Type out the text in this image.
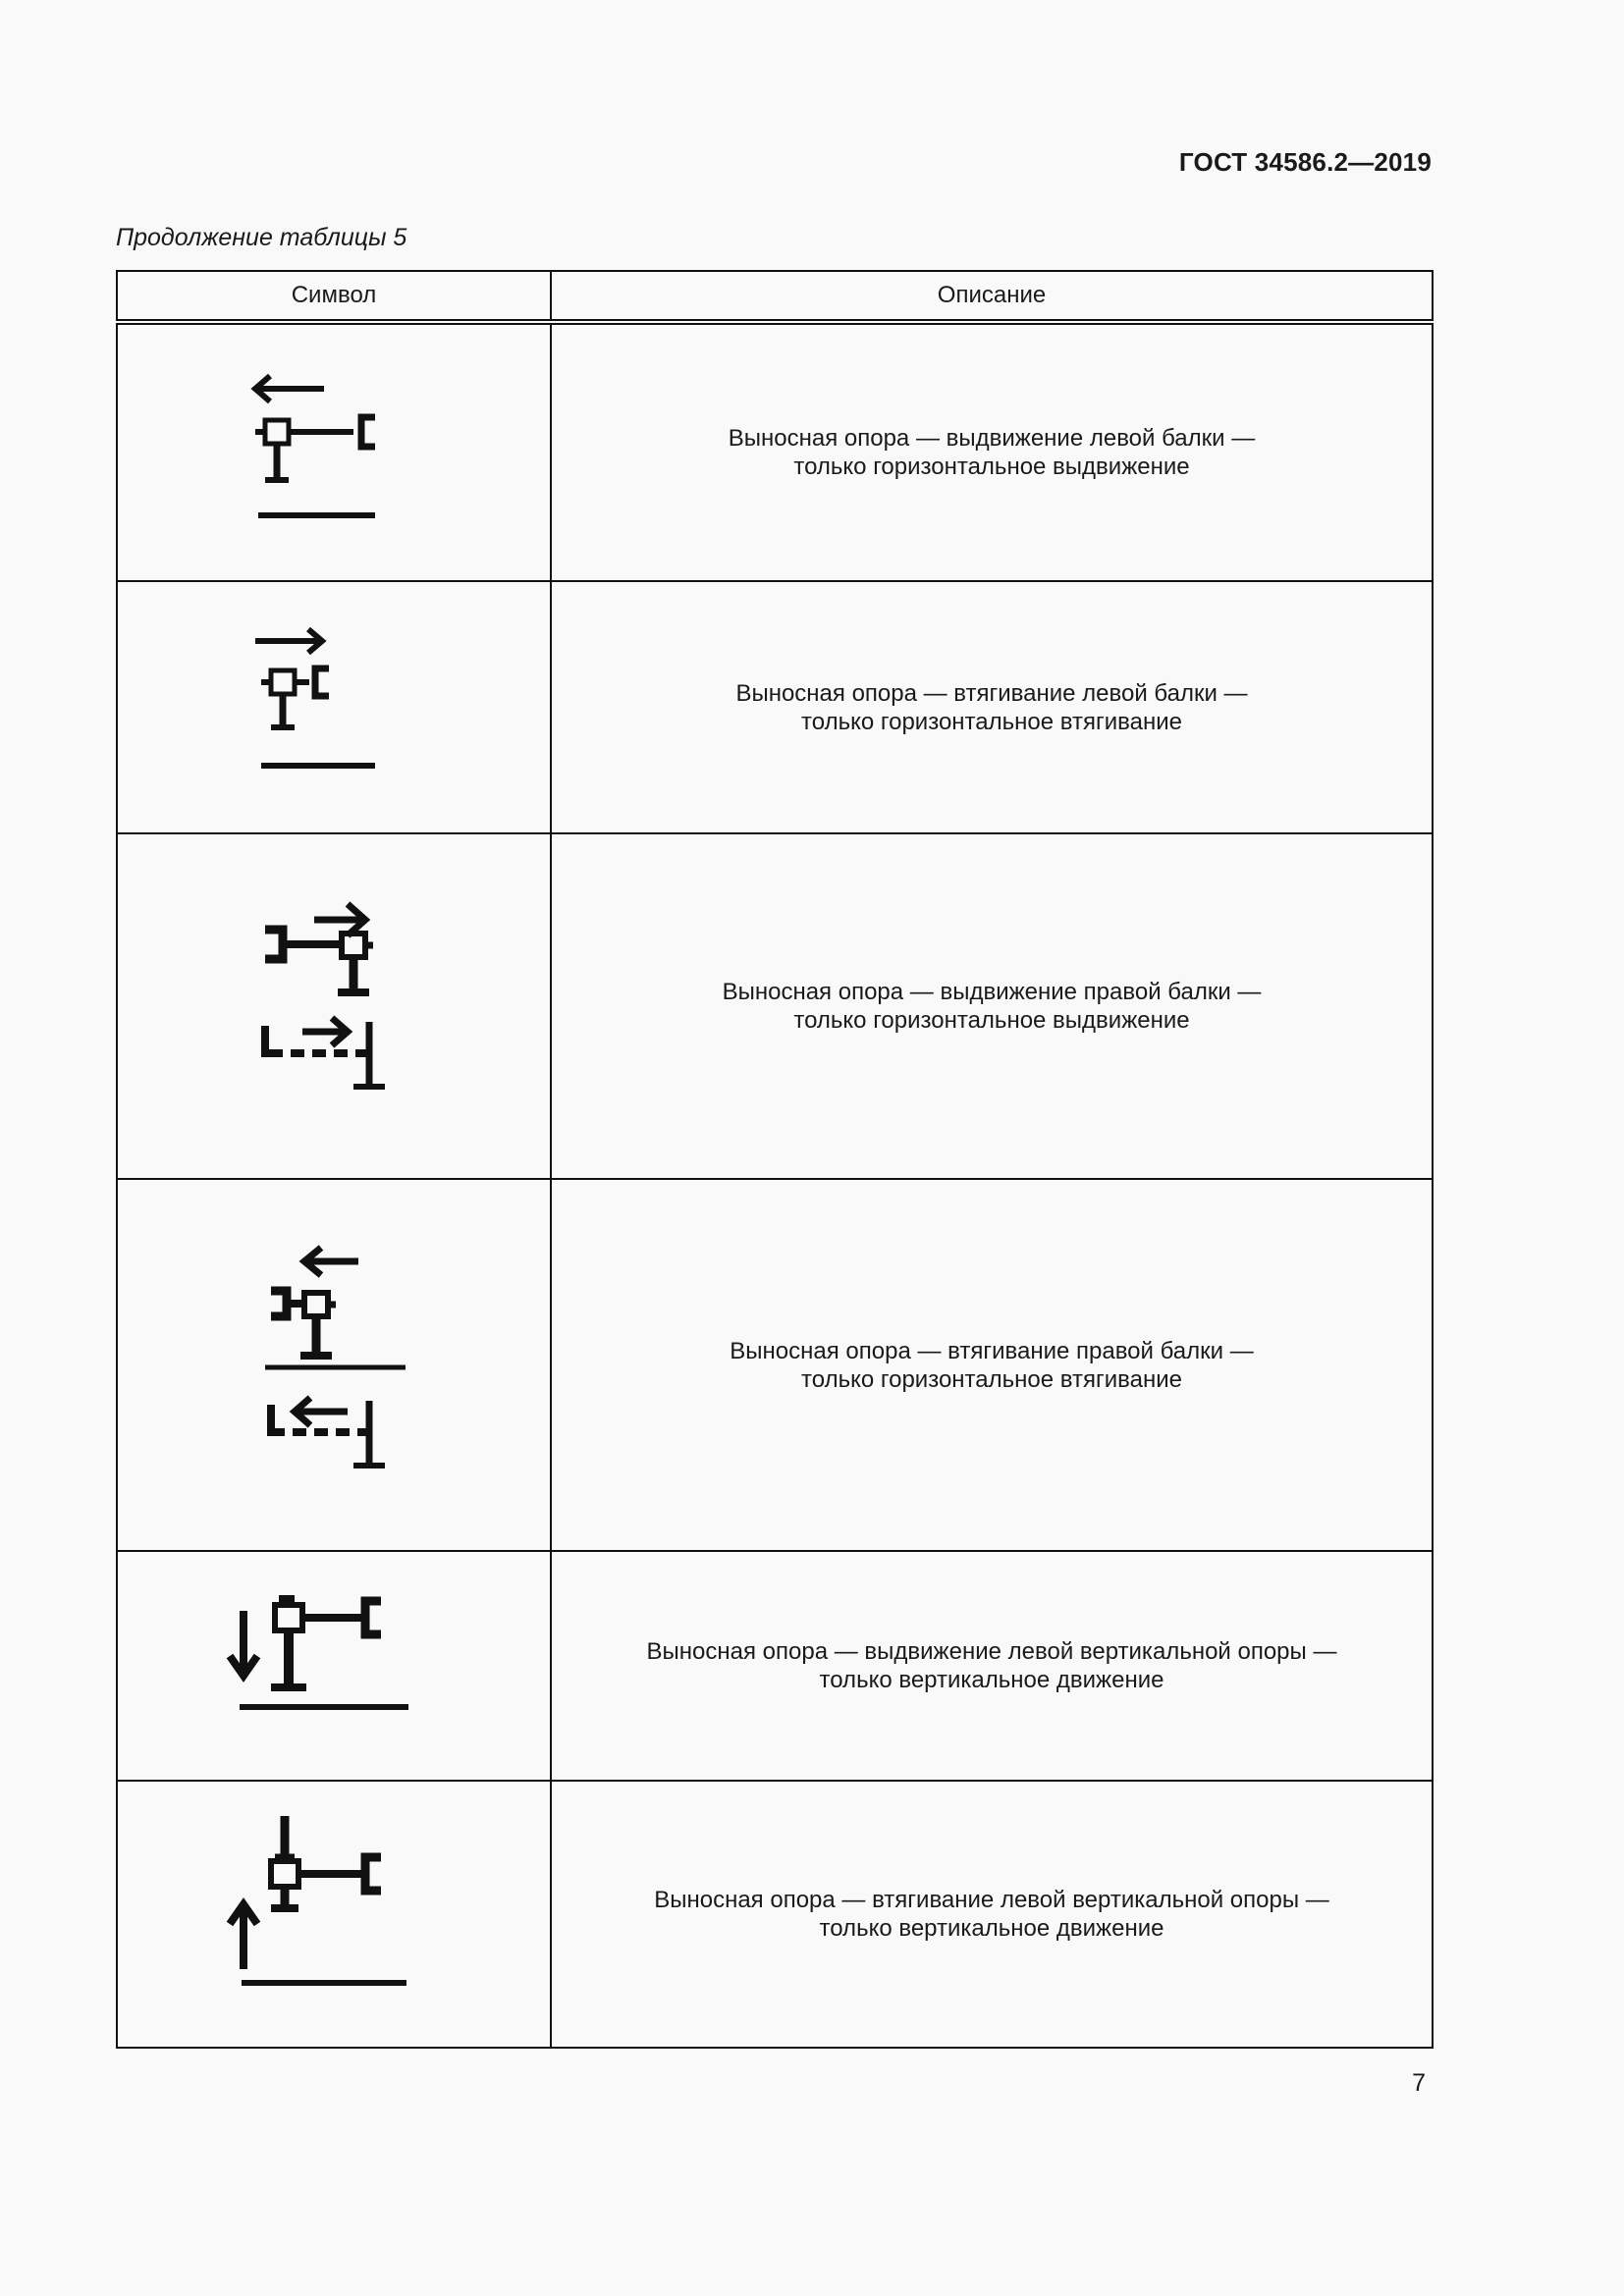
ГОСТ 34586.2—2019
Продолжение таблицы 5
Символ	Описание

Выносная опора — выдвижение левой балки —
только горизонтальное выдвижение

Выносная опора — втягивание левой балки —
только горизонтальное втягивание

Выносная опора — выдвижение правой балки —
только горизонтальное выдвижение

Выносная опора — втягивание правой балки —
только горизонтальное втягивание

Выносная опора — выдвижение левой вертикальной опоры —
только вертикальное движение

Выносная опора — втягивание левой вертикальной опоры —
только вертикальное движение
7
